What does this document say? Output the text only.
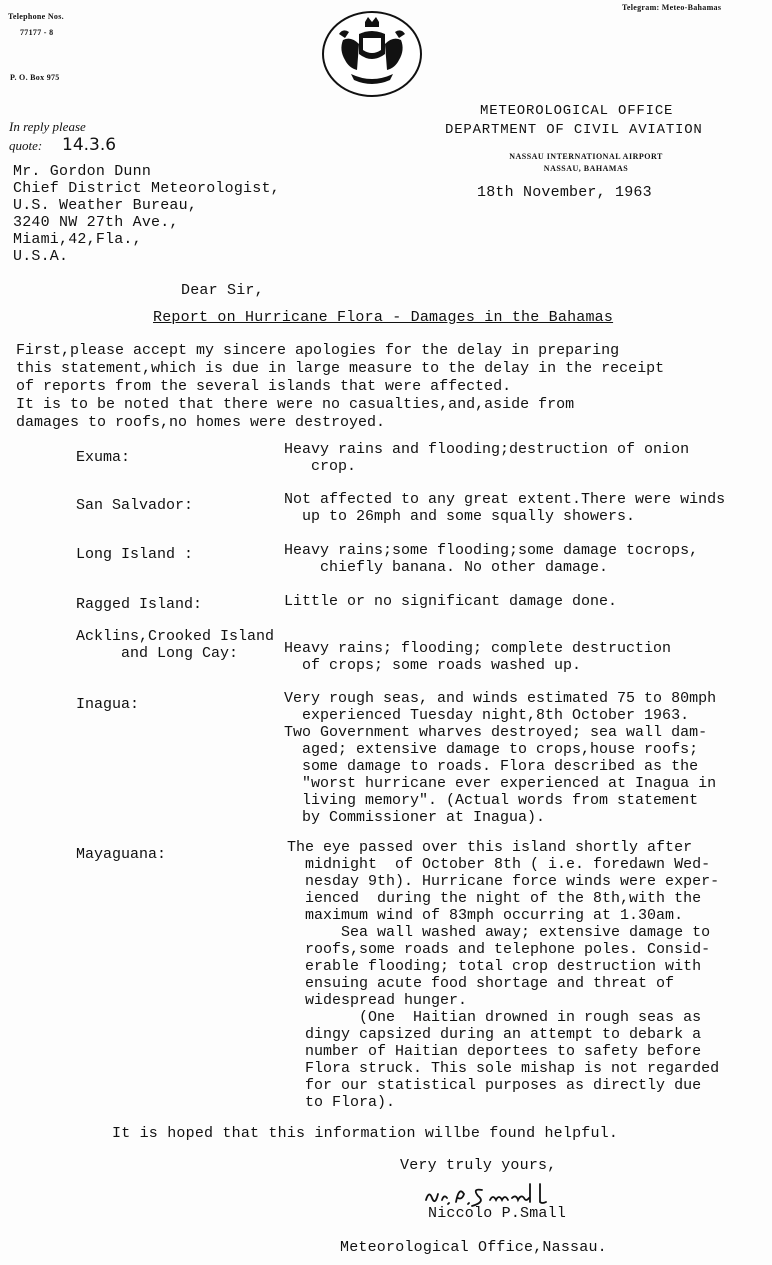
Telephone Nos.
77177 - 8
P. O. Box 975
Telegram: Meteo-Bahamas
In reply please
quote: 14.3.6
METEOROLOGICAL OFFICE
DEPARTMENT OF CIVIL AVIATION
NASSAU INTERNATIONAL AIRPORT
NASSAU, BAHAMAS
18th November, 1963
Mr. Gordon Dunn
Chief District Meteorologist,
U.S. Weather Bureau,
3240 NW 27th Ave.,
Miami,42,Fla.,
U.S.A.
Dear Sir,
Report on Hurricane Flora - Damages in the Bahamas
First,please accept my sincere apologies for the delay in preparing
this statement,which is due in large measure to the delay in the receipt
of reports from the several islands that were affected.
It is to be noted that there were no casualties,and,aside from
damages to roofs,no homes were destroyed.
Exuma:	Heavy rains and flooding;destruction of onion
crop.
San Salvador:	Not affected to any great extent.There were winds
up to 26mph and some squally showers.
Long Island :	Heavy rains;some flooding;some damage tocrops,
chiefly banana. No other damage.
Ragged Island:	Little or no significant damage done.
Acklins,Crooked Island
and Long Cay:	Heavy rains; flooding; complete destruction
of crops; some roads washed up.
Inagua:	Very rough seas, and winds estimated 75 to 80mph
experienced Tuesday night,8th October 1963.
Two Government wharves destroyed; sea wall dam-
aged; extensive damage to crops,house roofs;
some damage to roads. Flora described as the
"worst hurricane ever experienced at Inagua in
living memory". (Actual words from statement
by Commissioner at Inagua).
Mayaguana:	The eye passed over this island shortly after
midnight  of October 8th ( i.e. foredawn Wed-
nesday 9th). Hurricane force winds were exper-
ienced  during the night of the 8th,with the
maximum wind of 83mph occurring at 1.30am.
Sea wall washed away; extensive damage to
roofs,some roads and telephone poles. Consid-
erable flooding; total crop destruction with
ensuing acute food shortage and threat of
widespread hunger.
(One  Haitian drowned in rough seas as
dingy capsized during an attempt to debark a
number of Haitian deportees to safety before
Flora struck. This sole mishap is not regarded
for our statistical purposes as directly due
to Flora).
It is hoped that this information willbe found helpful.
Very truly yours,
Niccolo P.Small
Meteorological Office,Nassau.
